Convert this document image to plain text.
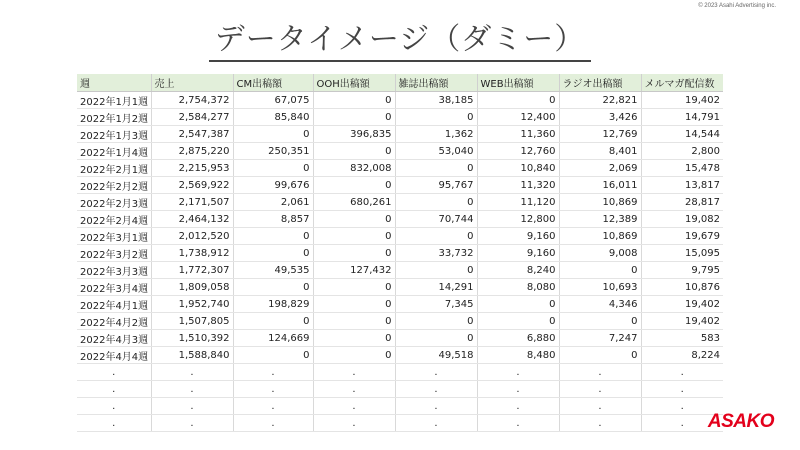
© 2023 Asahi Advertising inc.
データイメージ（ダミー）
週	売上	CM出稿額	OOH出稿額	雑誌出稿額	WEB出稿額	ラジオ出稿額	メルマガ配信数
2022年1月1週	2,754,372	67,075	0	38,185	0	22,821	19,402
2022年1月2週	2,584,277	85,840	0	0	12,400	3,426	14,791
2022年1月3週	2,547,387	0	396,835	1,362	11,360	12,769	14,544
2022年1月4週	2,875,220	250,351	0	53,040	12,760	8,401	2,800
2022年2月1週	2,215,953	0	832,008	0	10,840	2,069	15,478
2022年2月2週	2,569,922	99,676	0	95,767	11,320	16,011	13,817
2022年2月3週	2,171,507	2,061	680,261	0	11,120	10,869	28,817
2022年2月4週	2,464,132	8,857	0	70,744	12,800	12,389	19,082
2022年3月1週	2,012,520	0	0	0	9,160	10,869	19,679
2022年3月2週	1,738,912	0	0	33,732	9,160	9,008	15,095
2022年3月3週	1,772,307	49,535	127,432	0	8,240	0	9,795
2022年3月4週	1,809,058	0	0	14,291	8,080	10,693	10,876
2022年4月1週	1,952,740	198,829	0	7,345	0	4,346	19,402
2022年4月2週	1,507,805	0	0	0	0	0	19,402
2022年4月3週	1,510,392	124,669	0	0	6,880	7,247	583
2022年4月4週	1,588,840	0	0	49,518	8,480	0	8,224
.	.	.	.	.	.	.	.
.	.	.	.	.	.	.	.
.	.	.	.	.	.	.	.
.	.	.	.	.	.	.	. ASAKO
